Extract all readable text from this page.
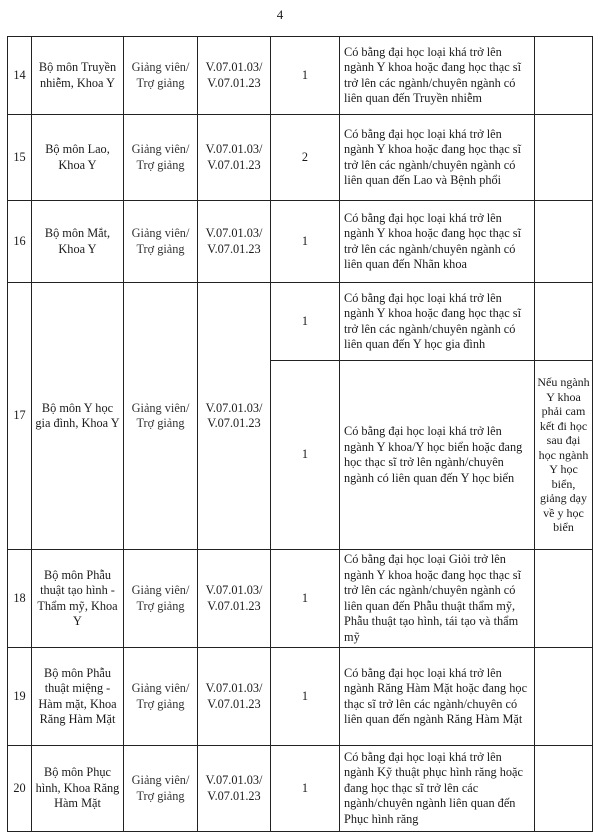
4
14	Bộ môn Truyền nhiễm, Khoa Y	Giảng viên/ Trợ giảng	V.07.01.03/ V.07.01.23	1	Có bằng đại học loại khá trở lên ngành Y khoa hoặc đang học thạc sĩ trở lên các ngành/chuyên ngành có liên quan đến Truyền nhiễm	
15	Bộ môn Lao, Khoa Y	Giảng viên/ Trợ giảng	V.07.01.03/ V.07.01.23	2	Có bằng đại học loại khá trở lên ngành Y khoa hoặc đang học thạc sĩ trở lên các ngành/chuyên ngành có liên quan đến Lao và Bệnh phổi	
16	Bộ môn Mắt, Khoa Y	Giảng viên/ Trợ giảng	V.07.01.03/ V.07.01.23	1	Có bằng đại học loại khá trở lên ngành Y khoa hoặc đang học thạc sĩ trở lên các ngành/chuyên ngành có liên quan đến Nhãn khoa	
17	Bộ môn Y học gia đình, Khoa Y	Giảng viên/ Trợ giảng	V.07.01.03/ V.07.01.23	1	Có bằng đại học loại khá trở lên ngành Y khoa hoặc đang học thạc sĩ trở lên các ngành/chuyên ngành có liên quan đến Y học gia đình	
				1	Có bằng đại học loại khá trở lên ngành Y khoa/Y học biển hoặc đang học thạc sĩ trở lên ngành/chuyên ngành có liên quan đến Y học biển	Nếu ngành Y khoa phải cam kết đi học sau đại học ngành Y học biển, giảng dạy về y học biển
18	Bộ môn Phẫu thuật tạo hình - Thẩm mỹ, Khoa Y	Giảng viên/ Trợ giảng	V.07.01.03/ V.07.01.23	1	Có bằng đại học loại Giỏi trở lên ngành Y khoa hoặc đang học thạc sĩ trở lên các ngành/chuyên ngành có liên quan đến Phẫu thuật thẩm mỹ, Phẫu thuật tạo hình, tái tạo và thẩm mỹ	
19	Bộ môn Phẫu thuật miệng - Hàm mặt, Khoa Răng Hàm Mặt	Giảng viên/ Trợ giảng	V.07.01.03/ V.07.01.23	1	Có bằng đại học loại khá trở lên ngành Răng Hàm Mặt hoặc đang học thạc sĩ trở lên các ngành/chuyên có liên quan đến ngành Răng Hàm Mặt	
20	Bộ môn Phục hình, Khoa Răng Hàm Mặt	Giảng viên/ Trợ giảng	V.07.01.03/ V.07.01.23	1	Có bằng đại học loại khá trở lên ngành Kỹ thuật phục hình răng hoặc đang học thạc sĩ trở lên các ngành/chuyên ngành liên quan đến Phục hình răng	
